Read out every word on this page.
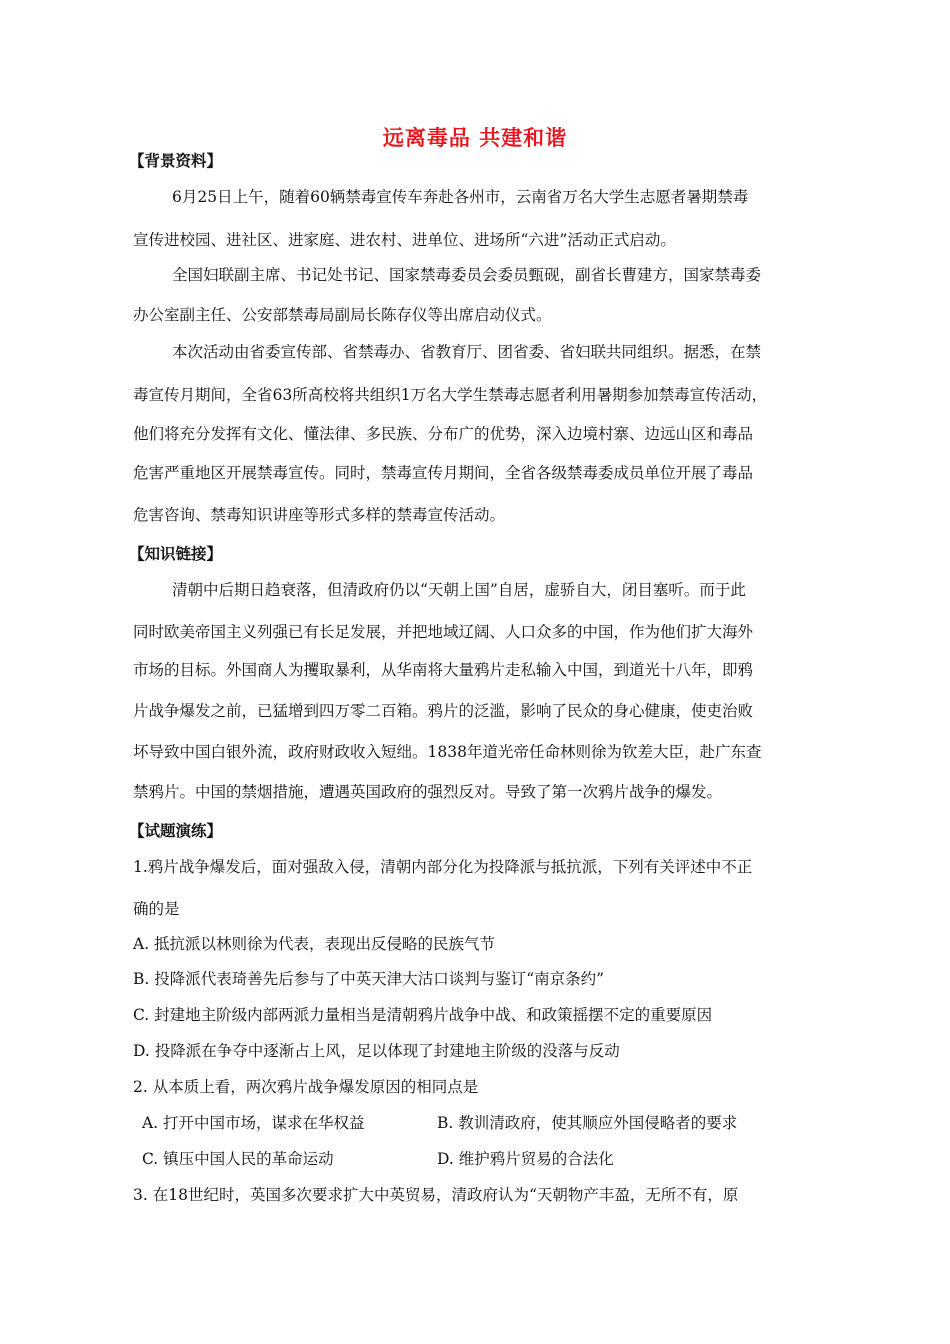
远离毒品 共建和谐
【背景资料】
6月25日上午，随着60辆禁毒宣传车奔赴各州市，云南省万名大学生志愿者暑期禁毒
宣传进校园、进社区、进家庭、进农村、进单位、进场所“六进”活动正式启动。
全国妇联副主席、书记处书记、国家禁毒委员会委员甄砚，副省长曹建方，国家禁毒委
办公室副主任、公安部禁毒局副局长陈存仪等出席启动仪式。
本次活动由省委宣传部、省禁毒办、省教育厅、团省委、省妇联共同组织。据悉，在禁
毒宣传月期间，全省63所高校将共组织1万名大学生禁毒志愿者利用暑期参加禁毒宣传活动，
他们将充分发挥有文化、懂法律、多民族、分布广的优势，深入边境村寨、边远山区和毒品
危害严重地区开展禁毒宣传。同时，禁毒宣传月期间，全省各级禁毒委成员单位开展了毒品
危害咨询、禁毒知识讲座等形式多样的禁毒宣传活动。
【知识链接】
清朝中后期日趋衰落，但清政府仍以“天朝上国”自居，虚骄自大，闭目塞听。而于此
同时欧美帝国主义列强已有长足发展，并把地域辽阔、人口众多的中国，作为他们扩大海外
市场的目标。外国商人为攫取暴利，从华南将大量鸦片走私输入中国，到道光十八年，即鸦
片战争爆发之前，已猛增到四万零二百箱。鸦片的泛滥，影响了民众的身心健康，使吏治败
坏导致中国白银外流，政府财政收入短绌。1838年道光帝任命林则徐为钦差大臣，赴广东查
禁鸦片。中国的禁烟措施，遭遇英国政府的强烈反对。导致了第一次鸦片战争的爆发。
【试题演练】
1.鸦片战争爆发后，面对强敌入侵，清朝内部分化为投降派与抵抗派，下列有关评述中不正
确的是
A. 抵抗派以林则徐为代表，表现出反侵略的民族气节
B. 投降派代表琦善先后参与了中英天津大沽口谈判与鉴订“南京条约”
C. 封建地主阶级内部两派力量相当是清朝鸦片战争中战、和政策摇摆不定的重要原因
D. 投降派在争夺中逐渐占上风，足以体现了封建地主阶级的没落与反动
2. 从本质上看，两次鸦片战争爆发原因的相同点是
A. 打开中国市场，谋求在华权益	B. 教训清政府，使其顺应外国侵略者的要求
C. 镇压中国人民的革命运动	D. 维护鸦片贸易的合法化
3. 在18世纪时，英国多次要求扩大中英贸易，清政府认为“天朝物产丰盈，无所不有，原
